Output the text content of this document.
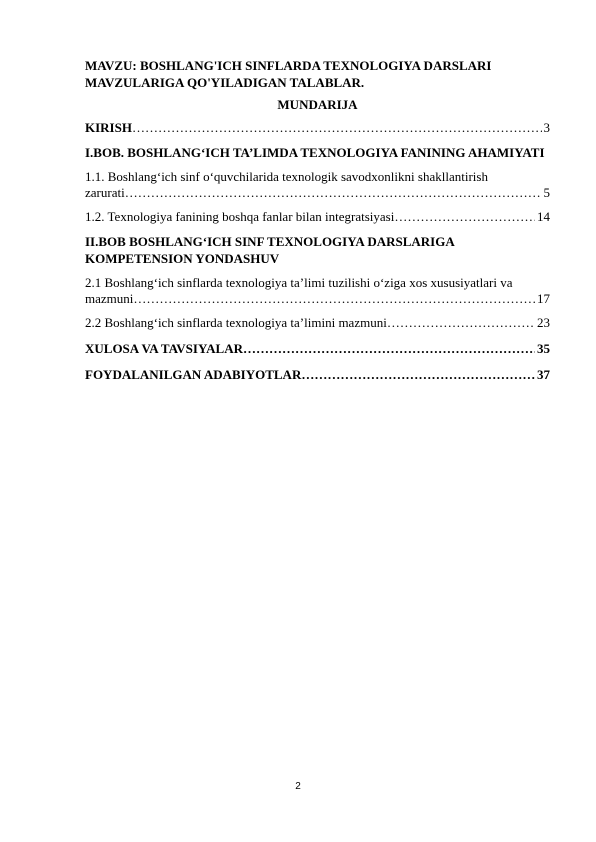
MAVZU: BOSHLANG'ICH SINFLARDA TEXNOLOGIYA DARSLARI MAVZULARIGA QO'YILADIGAN TALABLAR.

MUNDARIJA

KIRISH …………………………………………………………………………………………………………………………………………………………………………………………………………	3
I.BOB. BOSHLANG‘ICH TA’LIMDA TEXNOLOGIYA FANINING AHAMIYATI
1.1. Boshlang‘ich sinf o‘quvchilarida texnologik savodxonlikni shakllantirish
zarurati …………………………………………………………………………………………………………………………………………………………………………………………………………	5
1.2. Texnologiya fanining boshqa fanlar bilan integratsiyasi …………………………………………………………………………………………………………………………………………………………………………………………………………	14
II.BOB BOSHLANG‘ICH SINF TEXNOLOGIYA DARSLARIGA KOMPETENSION YONDASHUV
2.1 Boshlang‘ich sinflarda texnologiya ta’limi tuzilishi o‘ziga xos xususiyatlari va
mazmuni …………………………………………………………………………………………………………………………………………………………………………………………………………	17
2.2 Boshlang‘ich sinflarda texnologiya ta’limini mazmuni …………………………………………………………………………………………………………………………………………………………………………………………………………	23
XULOSA VA TAVSIYALAR …………………………………………………………………………………………………………………………………………………………………………………………………………	35
FOYDALANILGAN ADABIYOTLAR …………………………………………………………………………………………………………………………………………………………………………………………………………	37
2
